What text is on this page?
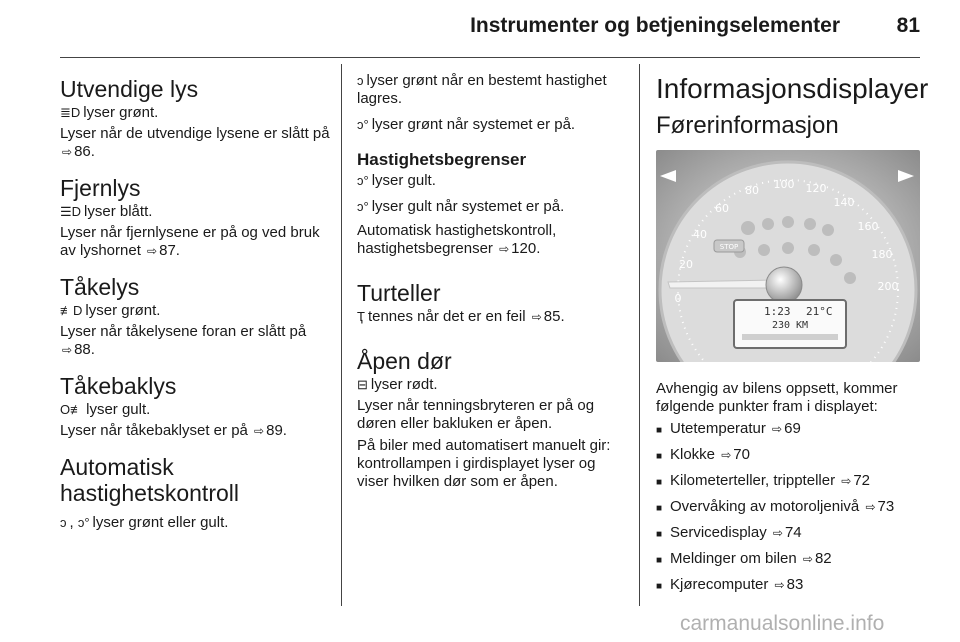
Instrumenter og betjeningselementer	81
Utvendige lys

≣D lyser grønt.

Lyser når de utvendige lysene er slått på ⇨ 86.

Fjernlys

☰D lyser blått.

Lyser når fjernlysene er på og ved bruk av lyshornet ⇨ 87.

Tåkelys

≢D lyser grønt.

Lyser når tåkelysene foran er slått på
⇨ 88.

Tåkebaklys

O≢ lyser gult.

Lyser når tåkebaklyset er på ⇨ 89.

Automatisk hastighetskontroll

ↄ , ↄ° lyser grønt eller gult.

ↄ lyser grønt når en bestemt hastighet lagres.

ↄ° lyser grønt når systemet er på.

Hastighetsbegrenser

ↄ° lyser gult.

ↄ° lyser gult når systemet er på.

Automatisk hastighetskontroll, hastighetsbegrenser ⇨ 120.

Turteller

Ҭ tennes når det er en feil ⇨ 85.

Åpen dør

⊟ lyser rødt.

Lyser når tenningsbryteren er på og døren eller bakluken er åpen.

På biler med automatisert manuelt gir: kontrollampen i girdisplayet lyser og viser hvilken dør som er åpen.

Informasjonsdisplayer
Førerinformasjon
0
20
40
60
80 100 120
140
160
180
200
STOP
1:23 21°C
230 KM

Avhengig av bilens oppsett, kommer følgende punkter fram i displayet:

■ Utetemperatur ⇨ 69
■ Klokke ⇨ 70
■ Kilometerteller, trippteller ⇨ 72
■ Overvåking av motoroljenivå ⇨ 73
■ Servicedisplay ⇨ 74
■ Meldinger om bilen ⇨ 82
■ Kjørecomputer ⇨ 83
carmanualsonline.info
